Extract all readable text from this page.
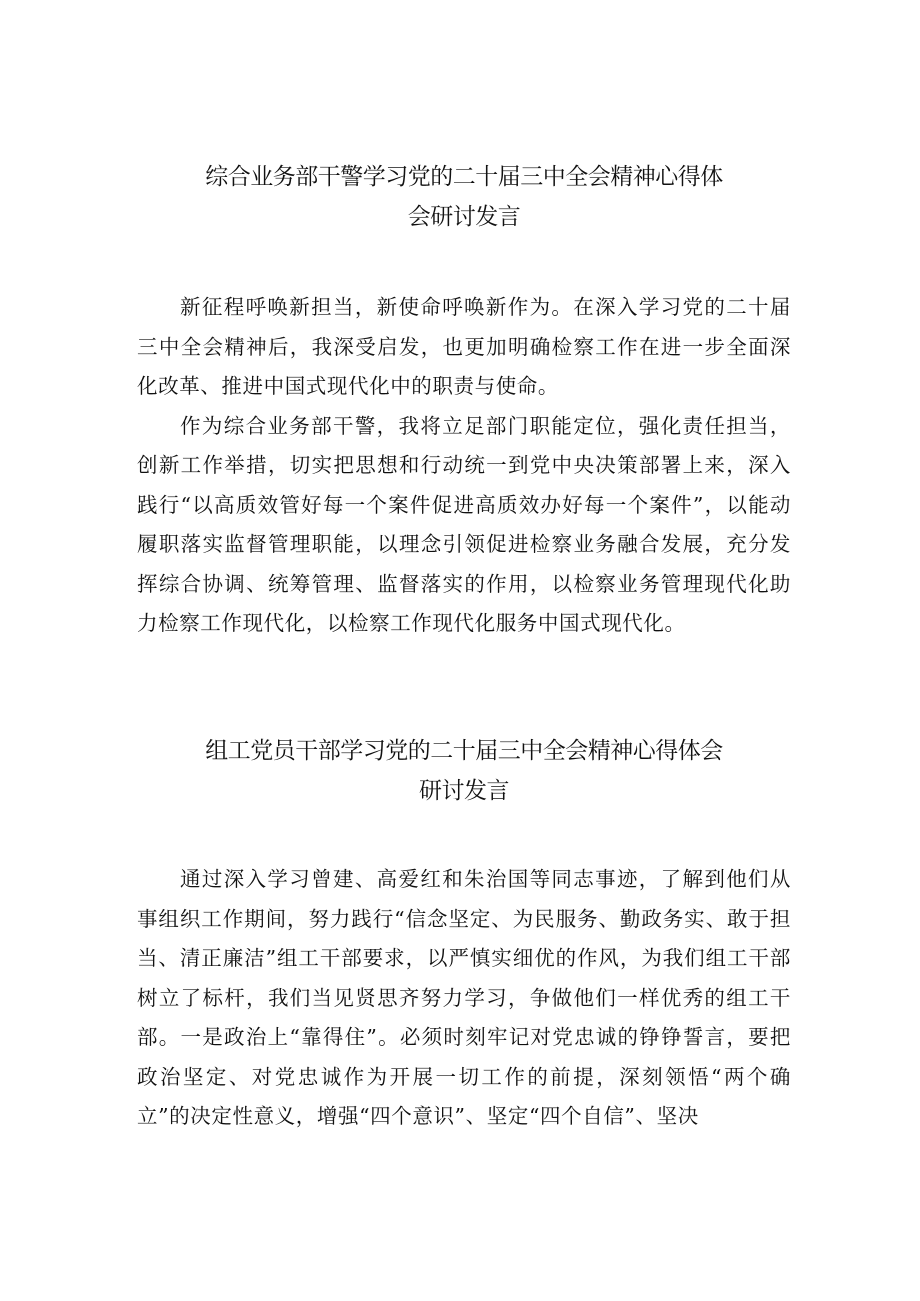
综合业务部干警学习党的二十届三中全会精神心得体
会研讨发言

新征程呼唤新担当，新使命呼唤新作为。在深入学习党的二十届三中全会精神后，我深受启发，也更加明确检察工作在进一步全面深化改革、推进中国式现代化中的职责与使命。

作为综合业务部干警，我将立足部门职能定位，强化责任担当，创新工作举措，切实把思想和行动统一到党中央决策部署上来，深入践行“以高质效管好每一个案件促进高质效办好每一个案件”，以能动履职落实监督管理职能，以理念引领促进检察业务融合发展，充分发挥综合协调、统筹管理、监督落实的作用，以检察业务管理现代化助力检察工作现代化，以检察工作现代化服务中国式现代化。

组工党员干部学习党的二十届三中全会精神心得体会
研讨发言

通过深入学习曾建、高爱红和朱治国等同志事迹，了解到他们从事组织工作期间，努力践行“信念坚定、为民服务、勤政务实、敢于担当、清正廉洁”组工干部要求，以严慎实细优的作风，为我们组工干部树立了标杆，我们当见贤思齐努力学习，争做他们一样优秀的组工干部。一是政治上“靠得住”。必须时刻牢记对党忠诚的铮铮誓言，要把政治坚定、对党忠诚作为开展一切工作的前提，深刻领悟“两个确立”的决定性意义，增强“四个意识”、坚定“四个自信”、坚决
